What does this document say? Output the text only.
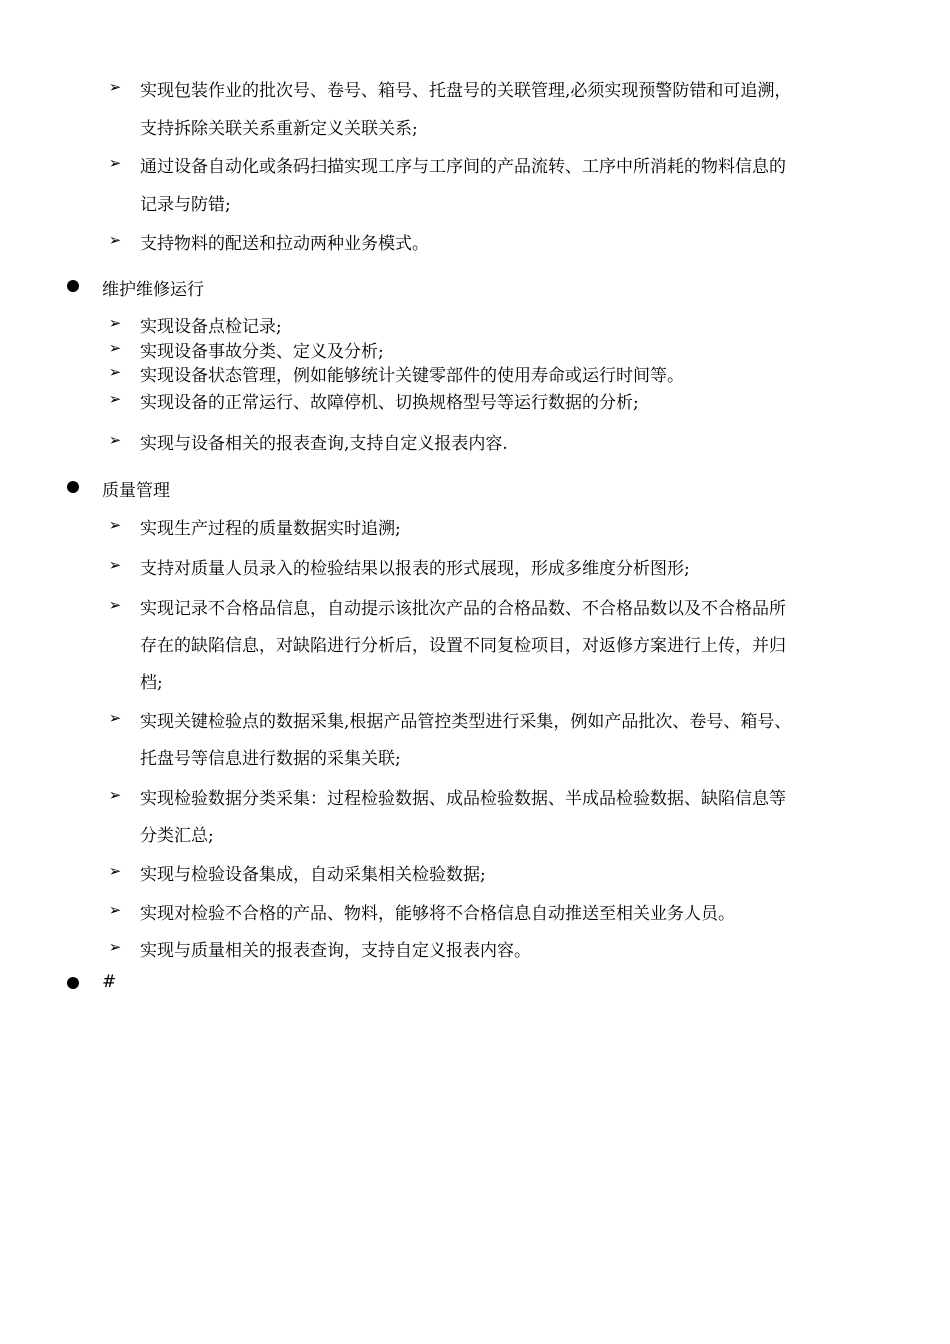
➢ 实现包装作业的批次号、卷号、箱号、托盘号的关联管理,必须实现预警防错和可追溯，
支持拆除关联关系重新定义关联关系;
➢ 通过设备自动化或条码扫描实现工序与工序间的产品流转、工序中所消耗的物料信息的
记录与防错;
➢ 支持物料的配送和拉动两种业务模式。
维护维修运行
➢ 实现设备点检记录;
➢ 实现设备事故分类、定义及分析;
➢ 实现设备状态管理，例如能够统计关键零部件的使用寿命或运行时间等。
➢ 实现设备的正常运行、故障停机、切换规格型号等运行数据的分析;
➢ 实现与设备相关的报表查询,支持自定义报表内容.
质量管理
➢ 实现生产过程的质量数据实时追溯;
➢ 支持对质量人员录入的检验结果以报表的形式展现，形成多维度分析图形;
➢ 实现记录不合格品信息，自动提示该批次产品的合格品数、不合格品数以及不合格品所
存在的缺陷信息，对缺陷进行分析后，设置不同复检项目，对返修方案进行上传，并归
档;
➢ 实现关键检验点的数据采集,根据产品管控类型进行采集，例如产品批次、卷号、箱号、
托盘号等信息进行数据的采集关联;
➢ 实现检验数据分类采集：过程检验数据、成品检验数据、半成品检验数据、缺陷信息等
分类汇总;
➢ 实现与检验设备集成，自动采集相关检验数据;
➢ 实现对检验不合格的产品、物料，能够将不合格信息自动推送至相关业务人员。
➢ 实现与质量相关的报表查询，支持自定义报表内容。
#
